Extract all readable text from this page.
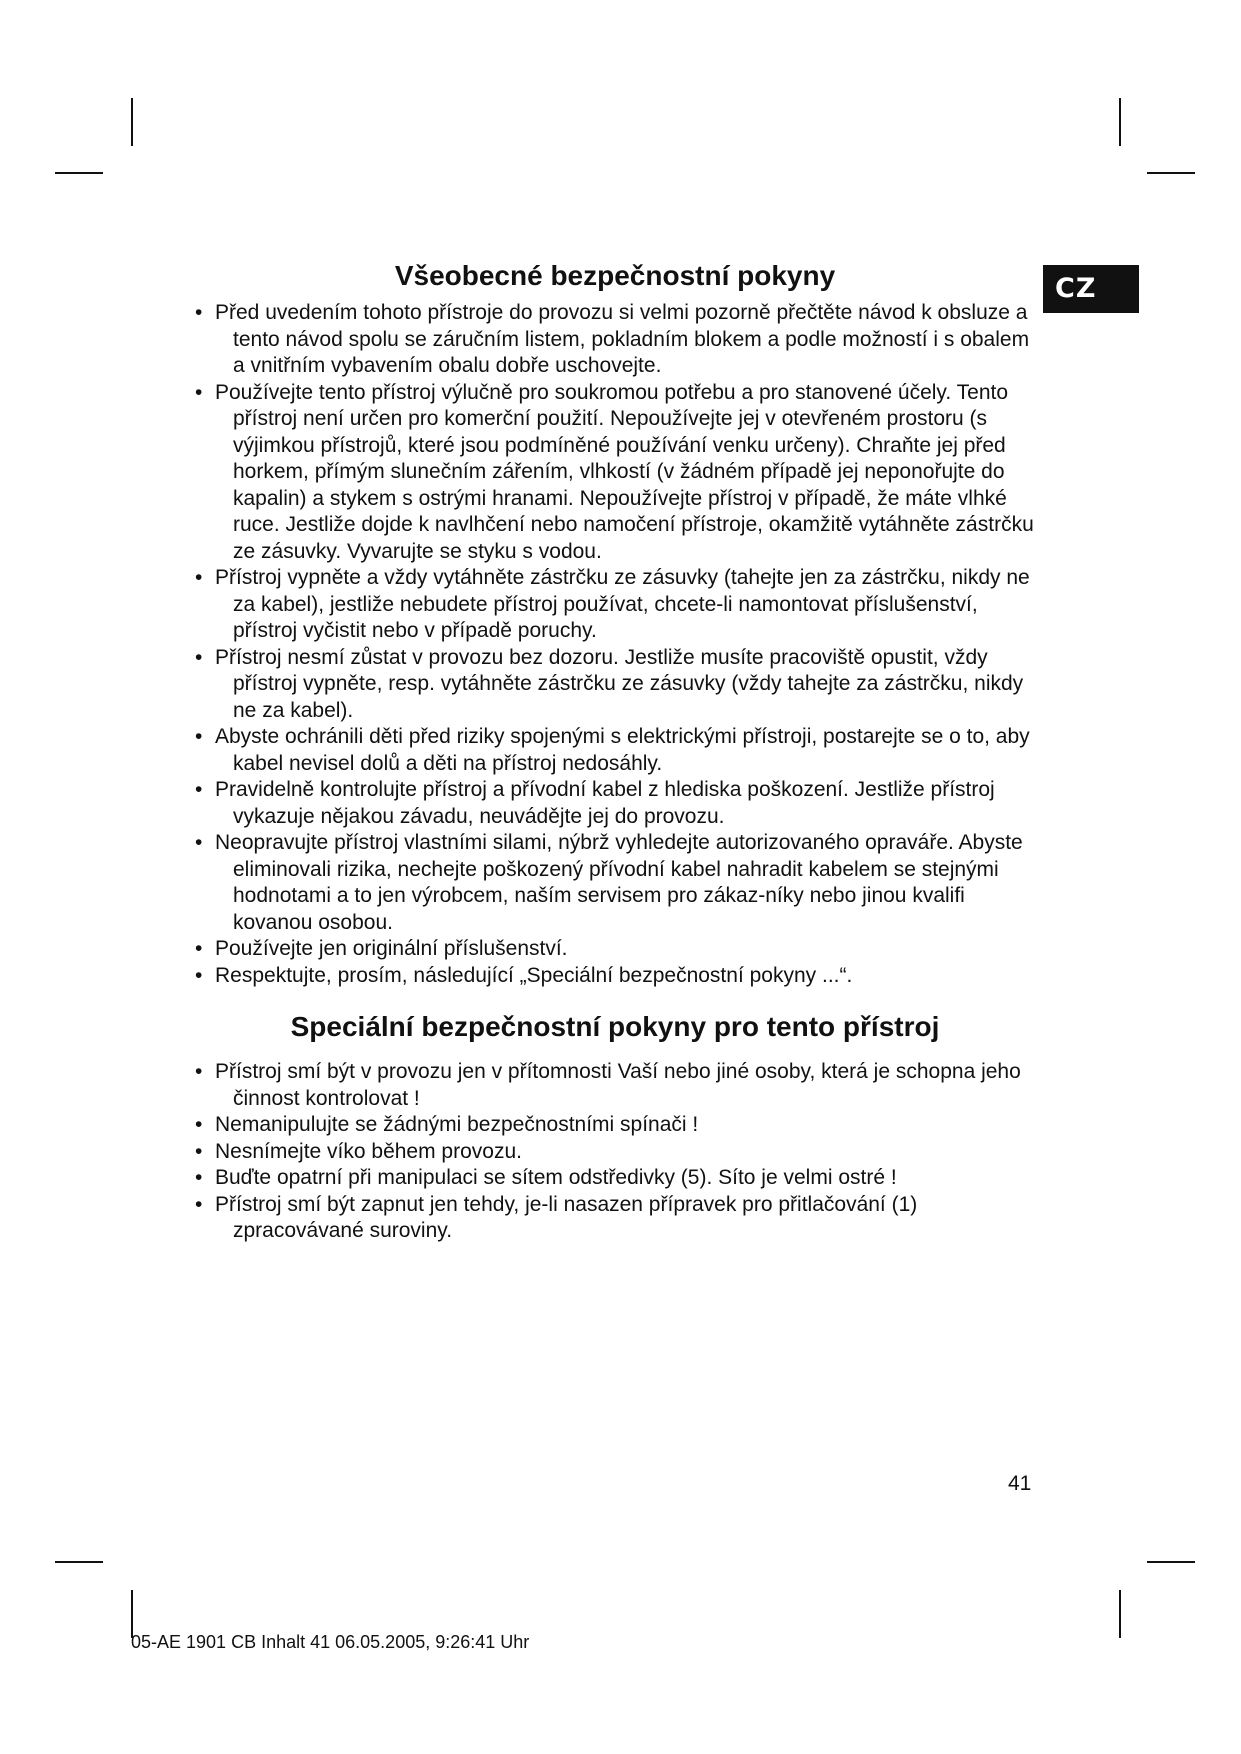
CZ
Všeobecné bezpečnostní pokyny
• Před uvedením tohoto přístroje do provozu si velmi pozorně přečtěte návod k obsluze a tento návod spolu se záručním listem, pokladním blokem a podle možností i s obalem a vnitřním vybavením obalu dobře uschovejte.
• Používejte tento přístroj výlučně pro soukromou potřebu a pro stanovené účely. Tento přístroj není určen pro komerční použití. Nepoužívejte jej v otevřeném prostoru (s výjimkou přístrojů, které jsou podmíněné používání venku určeny). Chraňte jej před horkem, přímým slunečním zářením, vlhkostí (v žádném případě jej neponořujte do kapalin) a stykem s ostrými hranami. Nepoužívejte přístroj v případě, že máte vlhké ruce. Jestliže dojde k navlhčení nebo namočení přístroje, okamžitě vytáhněte zástrčku ze zásuvky. Vyvarujte se styku s vodou.
• Přístroj vypněte a vždy vytáhněte zástrčku ze zásuvky (tahejte jen za zástrčku, nikdy ne za kabel), jestliže nebudete přístroj používat, chcete-li namontovat příslušenství, přístroj vyčistit nebo v případě poruchy.
• Přístroj nesmí zůstat v provozu bez dozoru. Jestliže musíte pracoviště opustit, vždy přístroj vypněte, resp. vytáhněte zástrčku ze zásuvky (vždy tahejte za zástrčku, nikdy ne za kabel).
• Abyste ochránili děti před riziky spojenými s elektrickými přístroji, postarejte se o to, aby kabel nevisel dolů a děti na přístroj nedosáhly.
• Pravidelně kontrolujte přístroj a přívodní kabel z hlediska poškození. Jestliže přístroj vykazuje nějakou závadu, neuvádějte jej do provozu.
• Neopravujte přístroj vlastními silami, nýbrž vyhledejte autorizovaného opraváře. Abyste eliminovali rizika, nechejte poškozený přívodní kabel nahradit kabelem se stejnými hodnotami a to jen výrobcem, naším servisem pro zákaz-níky nebo jinou kvalifi kovanou osobou.
• Používejte jen originální příslušenství.
• Respektujte, prosím, následující „Speciální bezpečnostní pokyny ...“.
Speciální bezpečnostní pokyny pro tento přístroj
• Přístroj smí být v provozu jen v přítomnosti Vaší nebo jiné osoby, která je schopna jeho činnost kontrolovat !
• Nemanipulujte se žádnými bezpečnostními spínači !
• Nesnímejte víko během provozu.
• Buďte opatrní při manipulaci se sítem odstředivky (5). Síto je velmi ostré !
• Přístroj smí být zapnut jen tehdy, je-li nasazen přípravek pro přitlačování (1) zpracovávané suroviny.
41
05-AE 1901 CB Inhalt 41 06.05.2005, 9:26:41 Uhr
